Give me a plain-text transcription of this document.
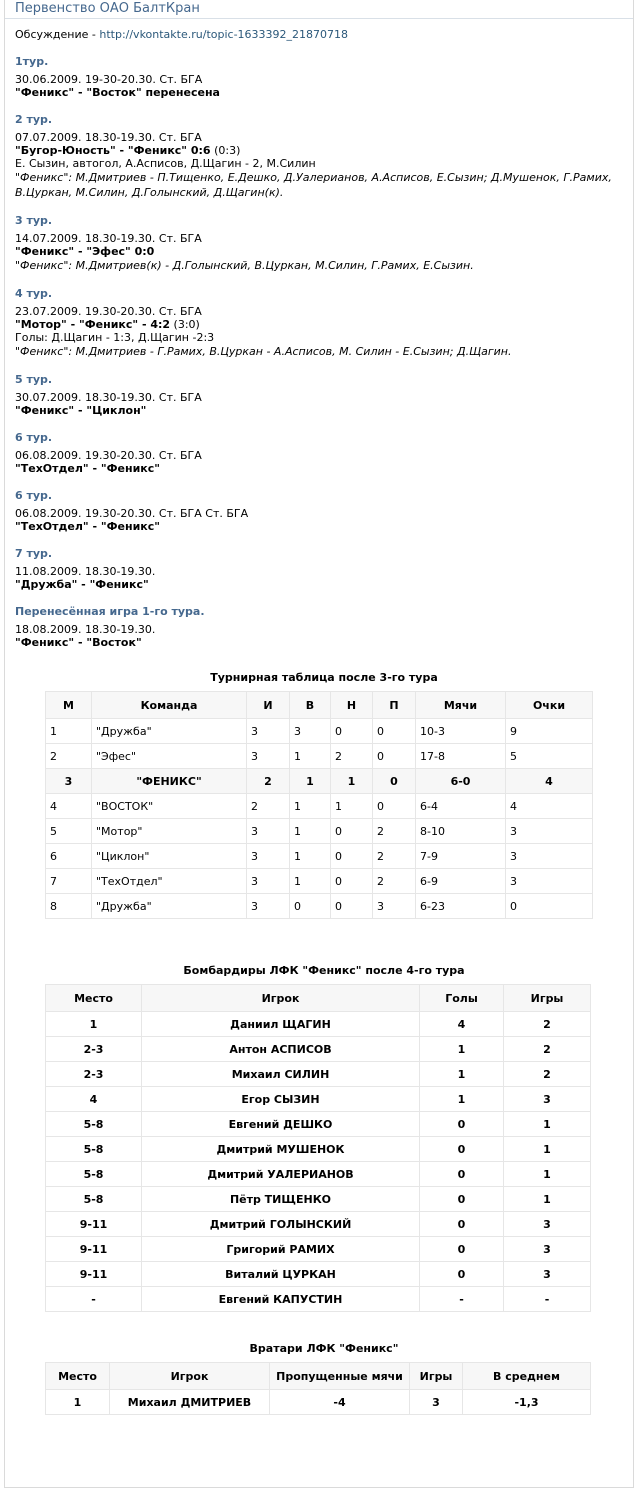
Первенство ОАО БалтКран
Обсуждение - http://vkontakte.ru/topic-1633392_21870718
1тур.
30.06.2009. 19-30-20.30. Ст. БГА
"Феникс" - "Восток" перенесена
2 тур.
07.07.2009. 18.30-19.30. Ст. БГА
"Бугор-Юность" - "Феникс" 0:6 (0:3)
Е. Сызин, автогол, А.Асписов, Д.Щагин - 2, М.Силин
"Феникс": М.Дмитриев - П.Тищенко, Е.Дешко, Д.Уалерианов, А.Асписов, Е.Сызин; Д.Мушенок, Г.Рамих, В.Цуркан, М.Силин, Д.Голынский, Д.Щагин(к).
3 тур.
14.07.2009. 18.30-19.30. Ст. БГА
"Феникс" - "Эфес" 0:0
"Феникс": М.Дмитриев(к) - Д.Голынский, В.Цуркан, М.Силин, Г.Рамих, Е.Сызин.
4 тур.
23.07.2009. 19.30-20.30. Ст. БГА
"Мотор" - "Феникс" - 4:2 (3:0)
Голы: Д.Щагин - 1:3, Д.Щагин -2:3
"Феникс": М.Дмитриев - Г.Рамих, В.Цуркан - А.Асписов, М. Силин - Е.Сызин; Д.Щагин.
5 тур.
30.07.2009. 18.30-19.30. Ст. БГА
"Феникс" - "Циклон"
6 тур.
06.08.2009. 19.30-20.30. Ст. БГА
"ТехОтдел" - "Феникс"
6 тур.
06.08.2009. 19.30-20.30. Ст. БГА Ст. БГА
"ТехОтдел" - "Феникс"
7 тур.
11.08.2009. 18.30-19.30.
"Дружба" - "Феникс"
Перенесённая игра 1-го тура.
18.08.2009. 18.30-19.30.
"Феникс" - "Восток"
Турнирная таблица после 3-го тура
М	Команда	И	В	Н	П	Мячи	Очки
1	"Дружба"	3	3	0	0	10-3	9
2	"Эфес"	3	1	2	0	17-8	5
3	"ФЕНИКС"	2	1	1	0	6-0	4
4	"ВОСТОК"	2	1	1	0	6-4	4
5	"Мотор"	3	1	0	2	8-10	3
6	"Циклон"	3	1	0	2	7-9	3
7	"ТехОтдел"	3	1	0	2	6-9	3
8	"Дружба"	3	0	0	3	6-23	0
Бомбардиры ЛФК "Феникс" после 4-го тура
Место	Игрок	Голы	Игры
1	Даниил ЩАГИН	4	2
2-3	Антон АСПИСОВ	1	2
2-3	Михаил СИЛИН	1	2
4	Егор СЫЗИН	1	3
5-8	Евгений ДЕШКО	0	1
5-8	Дмитрий МУШЕНОК	0	1
5-8	Дмитрий УАЛЕРИАНОВ	0	1
5-8	Пётр ТИЩЕНКО	0	1
9-11	Дмитрий ГОЛЫНСКИЙ	0	3
9-11	Григорий РАМИХ	0	3
9-11	Виталий ЦУРКАН	0	3
-	Евгений КАПУСТИН	-	-
Вратари ЛФК "Феникс"
Место	Игрок	Пропущенные мячи	Игры	В среднем
1	Михаил ДМИТРИЕВ	-4	3	-1,3
